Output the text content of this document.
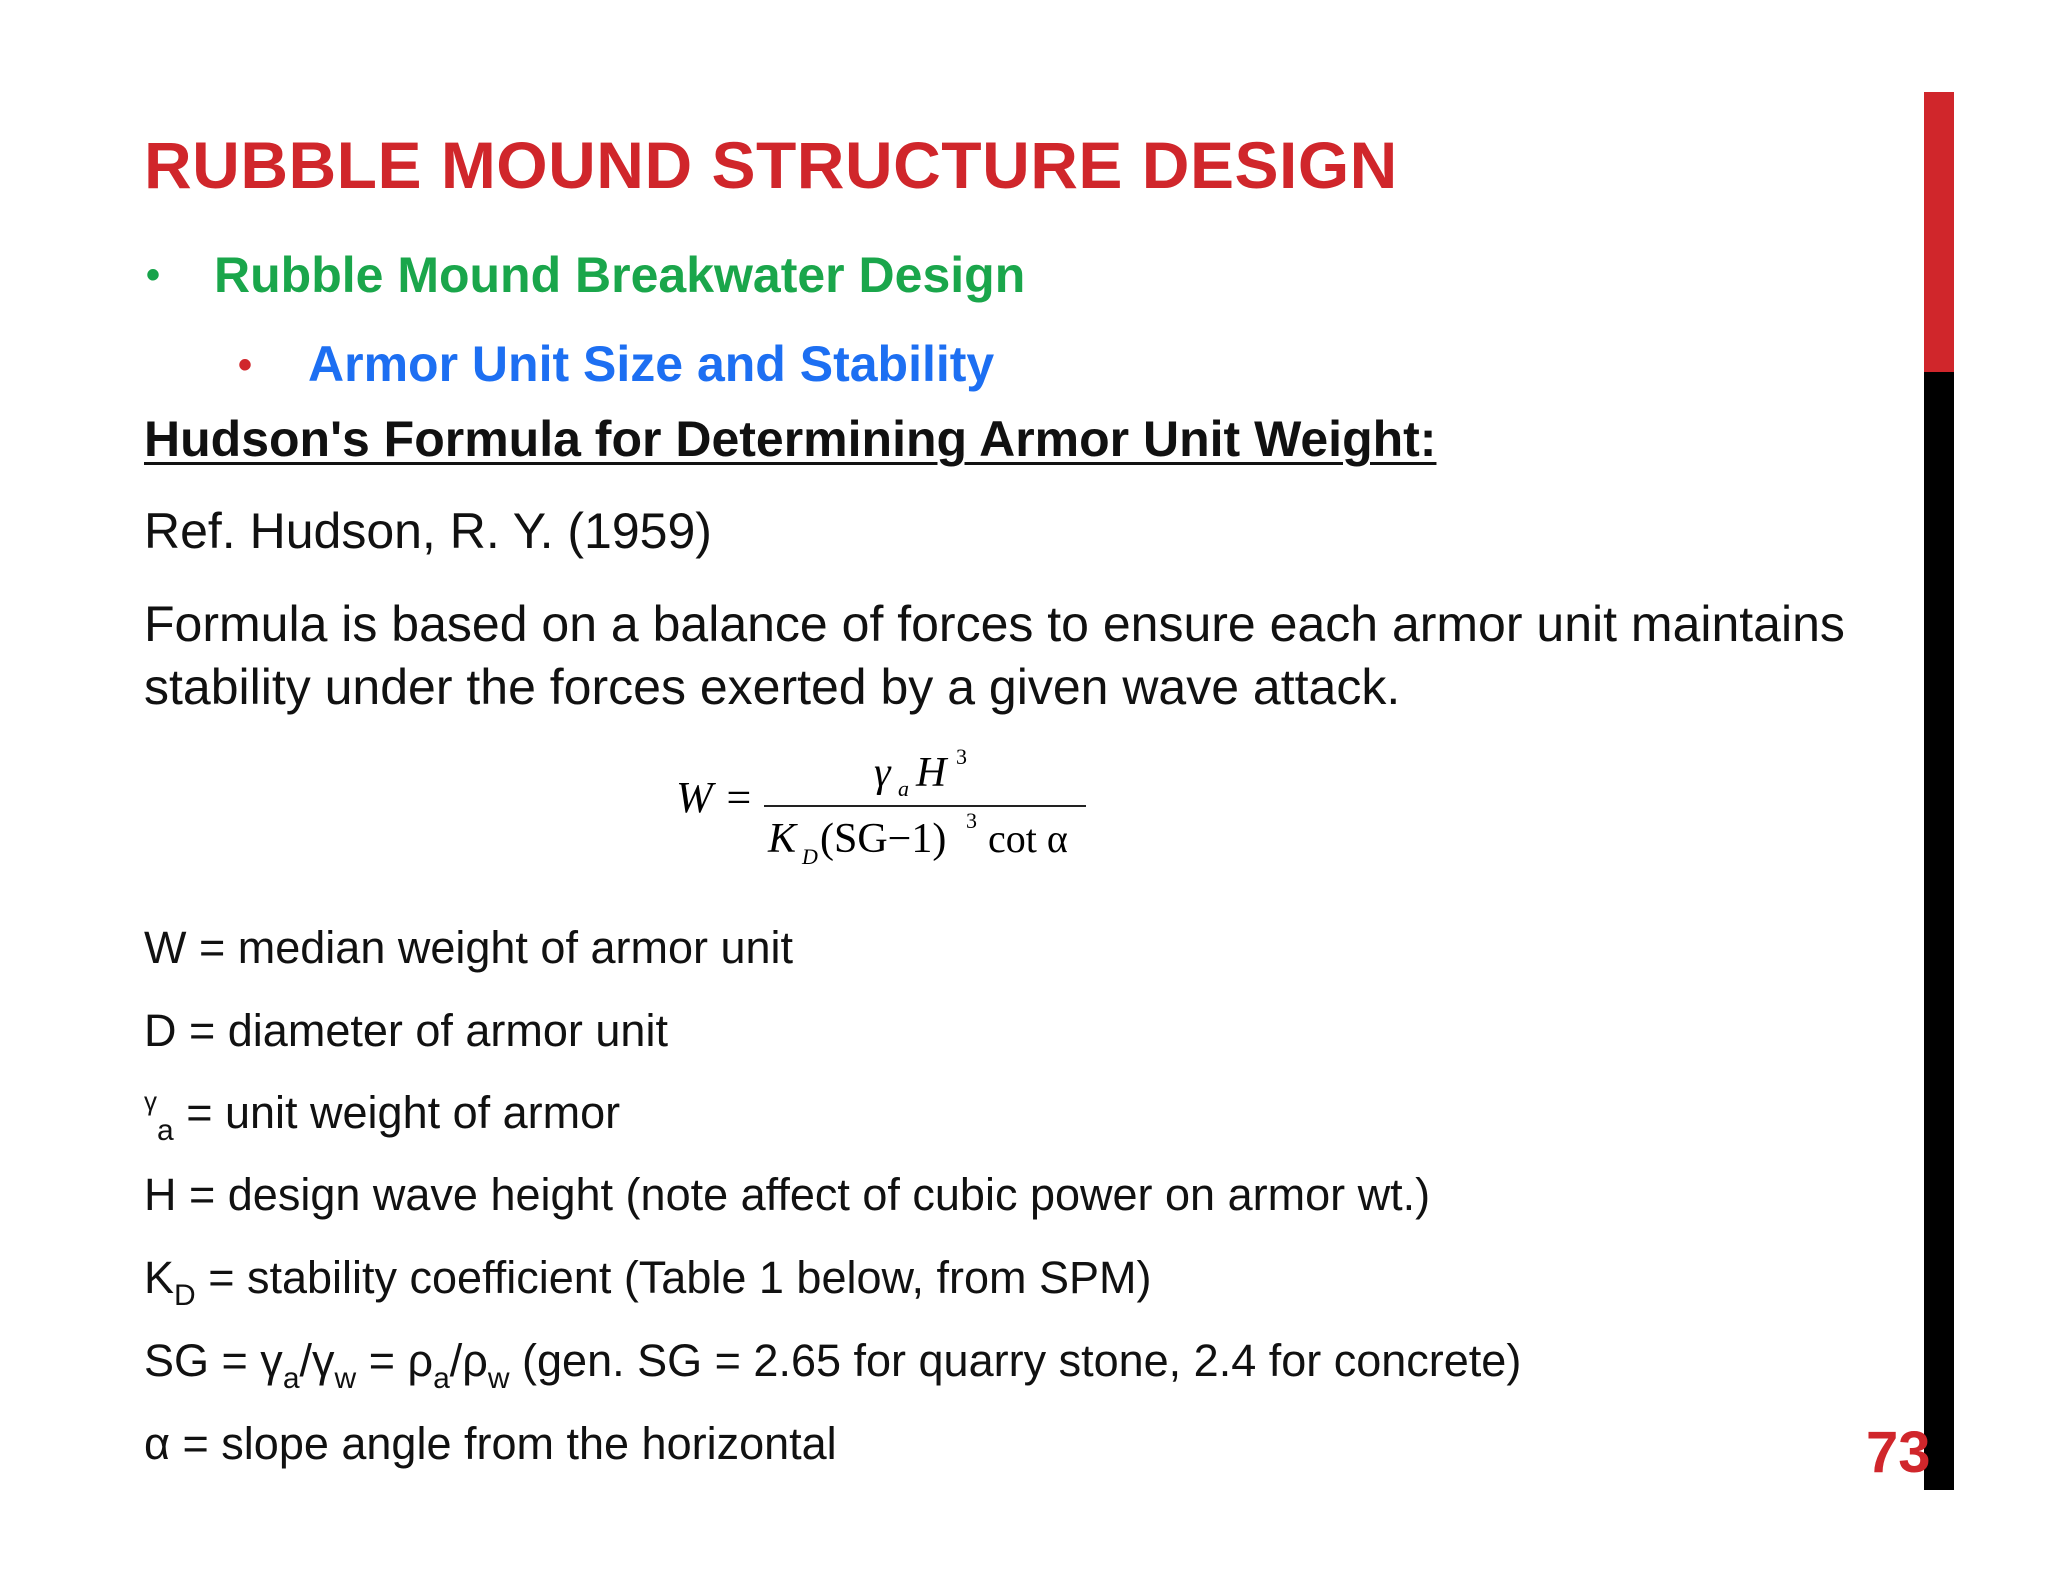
RUBBLE MOUND STRUCTURE DESIGN
• Rubble Mound Breakwater Design
• Armor Unit Size and Stability
Hudson's Formula for Determining Armor Unit Weight:
Ref. Hudson, R. Y. (1959)
Formula is based on a balance of forces to ensure each armor unit maintains stability under the forces exerted by a given wave attack.
W =	γ a H 3
K D (SG−1) 3 cot α
W = median weight of armor unit
D = diameter of armor unit
$^\gamma_a$ = unit weight of armor
H = design wave height (note affect of cubic power on armor wt.)
$K_D$ = stability coefficient (Table 1 below, from SPM)
SG = $\gamma_a/\gamma_w = \rho_a/\rho_w$ (gen. SG = 2.65 for quarry stone, 2.4 for concrete)
α = slope angle from the horizontal	73
